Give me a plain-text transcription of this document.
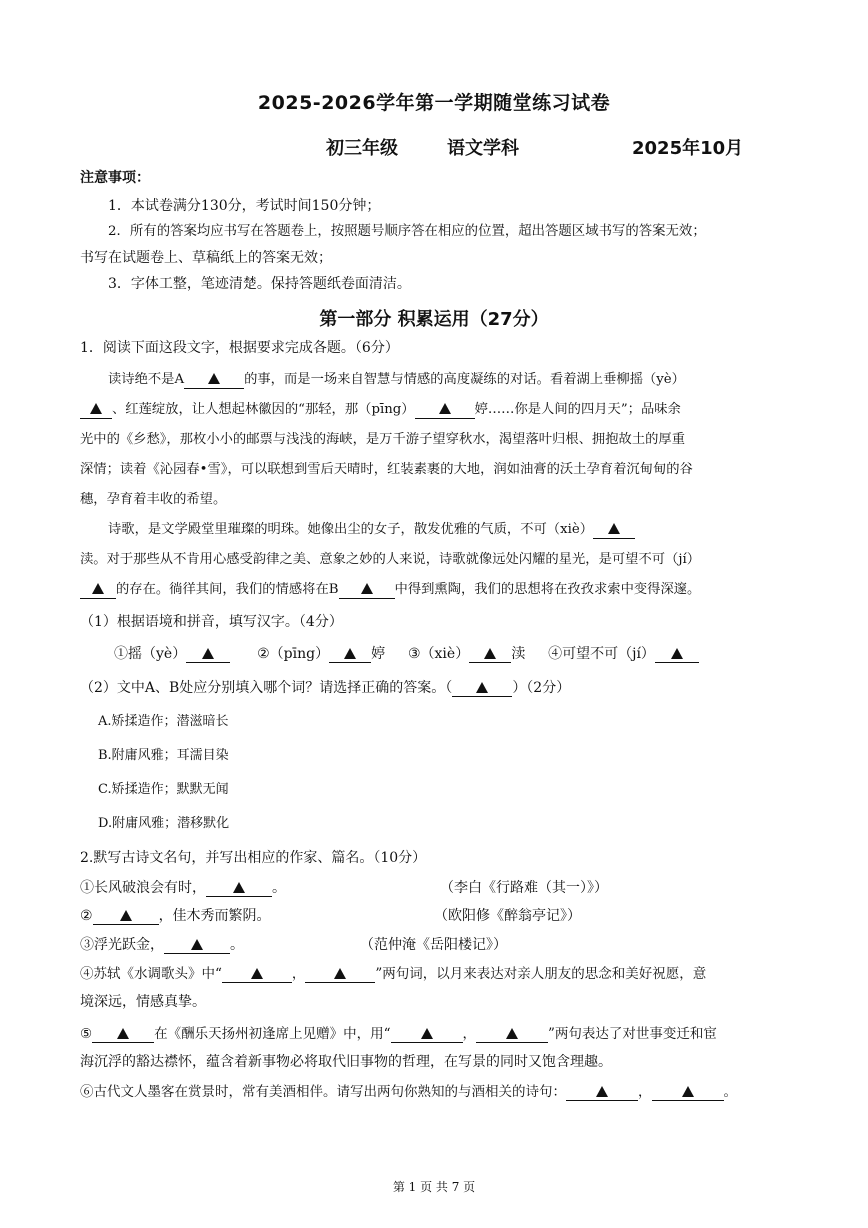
2025-2026学年第一学期随堂练习试卷
初三年级	语文学科	2025年10月
注意事项：
1．本试卷满分130分，考试时间150分钟；
2．所有的答案均应书写在答题卷上，按照题号顺序答在相应的位置，超出答题区域书写的答案无效；
书写在试题卷上、草稿纸上的答案无效；
3．字体工整，笔迹清楚。保持答题纸卷面清洁。
第一部分 积累运用（27分）
1．阅读下面这段文字，根据要求完成各题。（6分）
读诗绝不是A	的事，而是一场来自智慧与情感的高度凝练的对话。看着湖上垂柳摇（yè）
、红莲绽放，让人想起林徽因的“那轻，那（pīng）	婷……你是人间的四月天”；品味余
光中的《乡愁》，那枚小小的邮票与浅浅的海峡，是万千游子望穿秋水，渴望落叶归根、拥抱故土的厚重
深情；读着《沁园春•雪》，可以联想到雪后天晴时，红装素裹的大地，润如油膏的沃土孕育着沉甸甸的谷
穗，孕育着丰收的希望。
诗歌，是文学殿堂里璀璨的明珠。她像出尘的女子，散发优雅的气质，不可（xiè）
渎。对于那些从不肯用心感受韵律之美、意象之妙的人来说，诗歌就像远处闪耀的星光，是可望不可（jí）
的存在。徜徉其间，我们的情感将在B	中得到熏陶，我们的思想将在孜孜求索中变得深邃。
（1）根据语境和拼音，填写汉字。（4分）
①摇（yè）	②（pīng）	婷 ③（xiè）	渎 ④可望不可（jí）
（2）文中A、B处应分别填入哪个词？请选择正确的答案。（	）（2分）
A.矫揉造作；潜滋暗长
B.附庸风雅；耳濡目染
C.矫揉造作；默默无闻
D.附庸风雅；潜移默化
2.默写古诗文名句，并写出相应的作家、篇名。（10分）
①长风破浪会有时，	。	（李白《行路难（其一）》）
②	，佳木秀而繁阴。	（欧阳修《醉翁亭记》）
③浮光跃金，	。	（范仲淹《岳阳楼记》）
④苏轼《水调歌头》中“	，	”两句词，以月来表达对亲人朋友的思念和美好祝愿，意
境深远，情感真挚。
⑤	在《酬乐天扬州初逢席上见赠》中，用“	，	”两句表达了对世事变迁和宦
海沉浮的豁达襟怀，蕴含着新事物必将取代旧事物的哲理，在写景的同时又饱含理趣。
⑥古代文人墨客在赏景时，常有美酒相伴。请写出两句你熟知的与酒相关的诗句：	，	。
第 1 页 共 7 页
